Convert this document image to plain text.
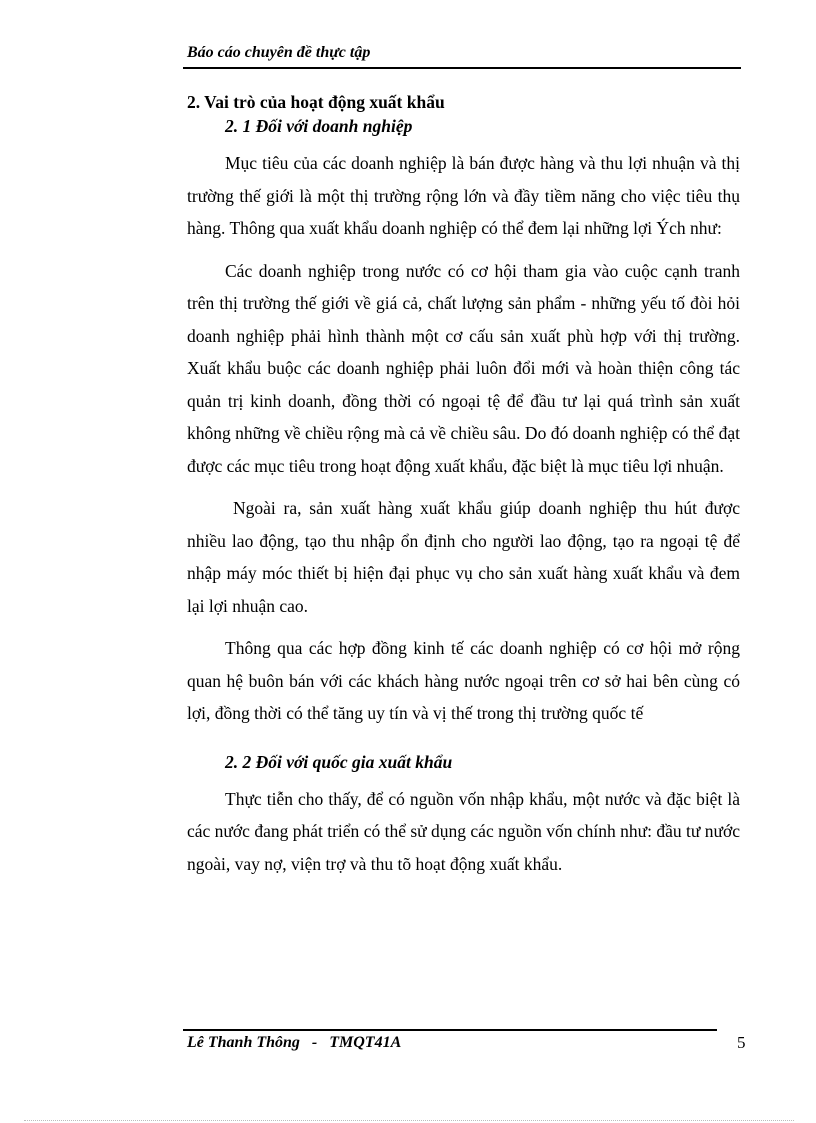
Báo cáo chuyên đề thực tập

2. Vai trò của hoạt động xuất khẩu

2. 1 Đối với doanh nghiệp

Mục tiêu của các doanh nghiệp là bán được hàng và thu lợi nhuận và thị trường thế giới là một thị trường rộng lớn và đầy tiềm năng cho việc tiêu thụ hàng. Thông qua xuất khẩu doanh nghiệp có thể đem lại những lợi Ých như:

Các doanh nghiệp trong nước có cơ hội tham gia vào cuộc cạnh tranh trên thị trường thế giới về giá cả, chất lượng sản phẩm - những yếu tố đòi hỏi doanh nghiệp phải hình thành một cơ cấu sản xuất phù hợp với thị trường. Xuất khẩu buộc các doanh nghiệp phải luôn đổi mới và hoàn thiện công tác quản trị kinh doanh, đồng thời có ngoại tệ để đầu tư lại quá trình sản xuất không những về chiều rộng mà cả về chiều sâu. Do đó doanh nghiệp có thể đạt được các mục tiêu trong hoạt động xuất khẩu, đặc biệt là mục tiêu lợi nhuận.

Ngoài ra, sản xuất hàng xuất khẩu giúp doanh nghiệp thu hút được nhiều lao động, tạo thu nhập ổn định cho người lao động, tạo ra ngoại tệ để nhập máy móc thiết bị hiện đại phục vụ cho sản xuất hàng xuất khẩu và đem lại lợi nhuận cao.

Thông qua các hợp đồng kinh tế các doanh nghiệp có cơ hội mở rộng quan hệ buôn bán với các khách hàng nước ngoại trên cơ sở hai bên cùng có lợi, đồng thời có thể tăng uy tín và vị thế trong thị trường quốc tế

2. 2 Đối với quốc gia xuất khẩu

Thực tiễn cho thấy, để có nguồn vốn nhập khẩu, một nước và đặc biệt là các nước đang phát triển có thể sử dụng các nguồn vốn chính như: đầu tư nước ngoài, vay nợ, viện trợ và thu tõ hoạt động xuất khẩu.

Lê Thanh Thông   -   TMQT41A	5
